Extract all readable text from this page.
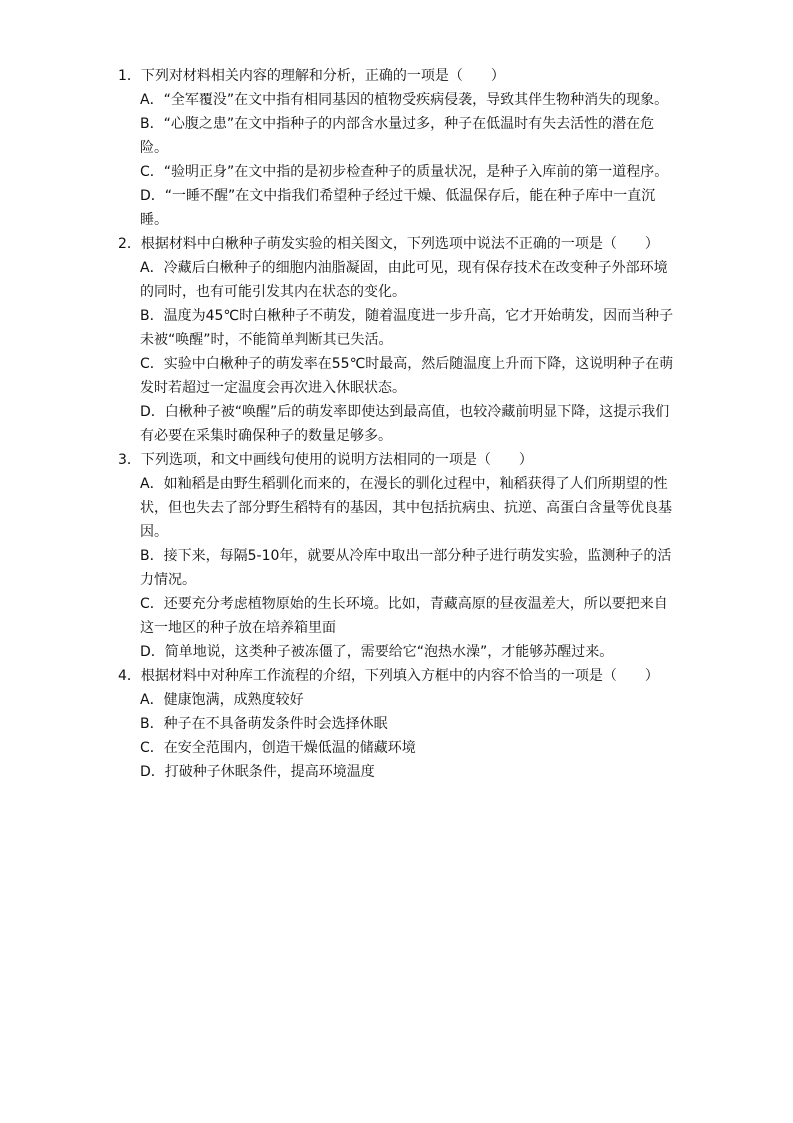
1．下列对材料相关内容的理解和分析，正确的一项是（　　）

A．“全军覆没”在文中指有相同基因的植物受疾病侵袭，导致其伴生物种消失的现象。
B．“心腹之患”在文中指种子的内部含水量过多，种子在低温时有失去活性的潜在危险。
C．“验明正身”在文中指的是初步检查种子的质量状况，是种子入库前的第一道程序。
D．“一睡不醒”在文中指我们希望种子经过干燥、低温保存后，能在种子库中一直沉睡。

2．根据材料中白楸种子萌发实验的相关图文，下列选项中说法不正确的一项是（　　）

A．冷藏后白楸种子的细胞内油脂凝固，由此可见，现有保存技术在改变种子外部环境的同时，也有可能引发其内在状态的变化。
B．温度为45℃时白楸种子不萌发，随着温度进一步升高，它才开始萌发，因而当种子未被“唤醒”时，不能简单判断其已失活。
C．实验中白楸种子的萌发率在55℃时最高，然后随温度上升而下降，这说明种子在萌发时若超过一定温度会再次进入休眠状态。
D．白楸种子被“唤醒”后的萌发率即使达到最高值，也较冷藏前明显下降，这提示我们有必要在采集时确保种子的数量足够多。

3．下列选项，和文中画线句使用的说明方法相同的一项是（　　）

A．如籼稻是由野生稻驯化而来的，在漫长的驯化过程中，籼稻获得了人们所期望的性状，但也失去了部分野生稻特有的基因，其中包括抗病虫、抗逆、高蛋白含量等优良基因。
B．接下来，每隔5-10年，就要从冷库中取出一部分种子进行萌发实验，监测种子的活力情况。
C．还要充分考虑植物原始的生长环境。比如，青藏高原的昼夜温差大，所以要把来自这一地区的种子放在培养箱里面
D．简单地说，这类种子被冻僵了，需要给它“泡热水澡”，才能够苏醒过来。

4．根据材料中对种库工作流程的介绍，下列填入方框中的内容不恰当的一项是（　　）

A．健康饱满，成熟度较好
B．种子在不具备萌发条件时会选择休眠
C．在安全范围内，创造干燥低温的储藏环境
D．打破种子休眠条件，提高环境温度
